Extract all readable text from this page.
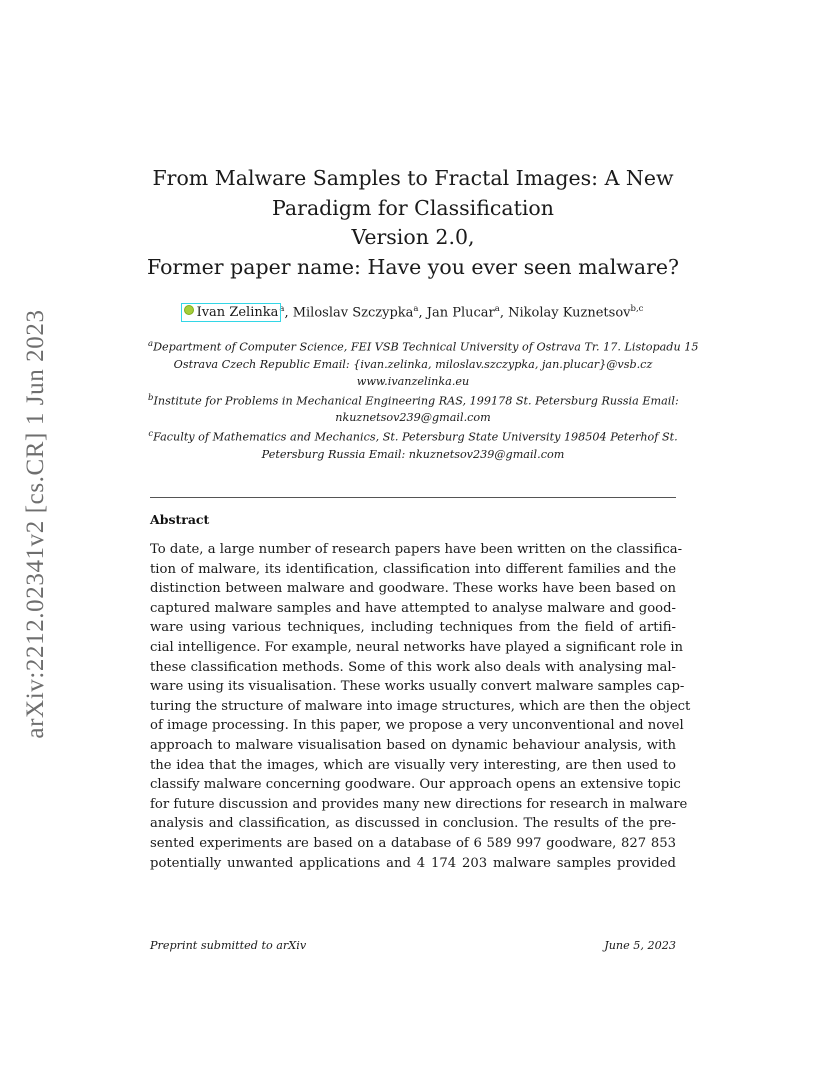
arXiv:2212.02341v2 [cs.CR] 1 Jun 2023
From Malware Samples to Fractal Images: A New
Paradigm for Classification
Version 2.0,
Former paper name: Have you ever seen malware?
Ivan Zelinka$^a$, Miloslav Szczypka$^a$, Jan Plucar$^a$, Nikolay Kuznetsov$^{b,c}$
$^a$Department of Computer Science, FEI VSB Technical University of Ostrava Tr. 17. Listopadu 15
Ostrava Czech Republic Email: {ivan.zelinka, miloslav.szczypka, jan.plucar}@vsb.cz
www.ivanzelinka.eu
$^b$Institute for Problems in Mechanical Engineering RAS, 199178 St. Petersburg Russia Email:
nkuznetsov239@gmail.com
$^c$Faculty of Mathematics and Mechanics, St. Petersburg State University 198504 Peterhof St.
Petersburg Russia Email: nkuznetsov239@gmail.com
Abstract
To date, a large number of research papers have been written on the classifica-
tion of malware, its identification, classification into different families and the
distinction between malware and goodware. These works have been based on
captured malware samples and have attempted to analyse malware and good-
ware using various techniques, including techniques from the field of artifi-
cial intelligence. For example, neural networks have played a significant role in
these classification methods. Some of this work also deals with analysing mal-
ware using its visualisation. These works usually convert malware samples cap-
turing the structure of malware into image structures, which are then the object
of image processing. In this paper, we propose a very unconventional and novel
approach to malware visualisation based on dynamic behaviour analysis, with
the idea that the images, which are visually very interesting, are then used to
classify malware concerning goodware. Our approach opens an extensive topic
for future discussion and provides many new directions for research in malware
analysis and classification, as discussed in conclusion. The results of the pre-
sented experiments are based on a database of 6 589 997 goodware, 827 853
potentially unwanted applications and 4 174 203 malware samples provided
Preprint submitted to arXiv	June 5, 2023
